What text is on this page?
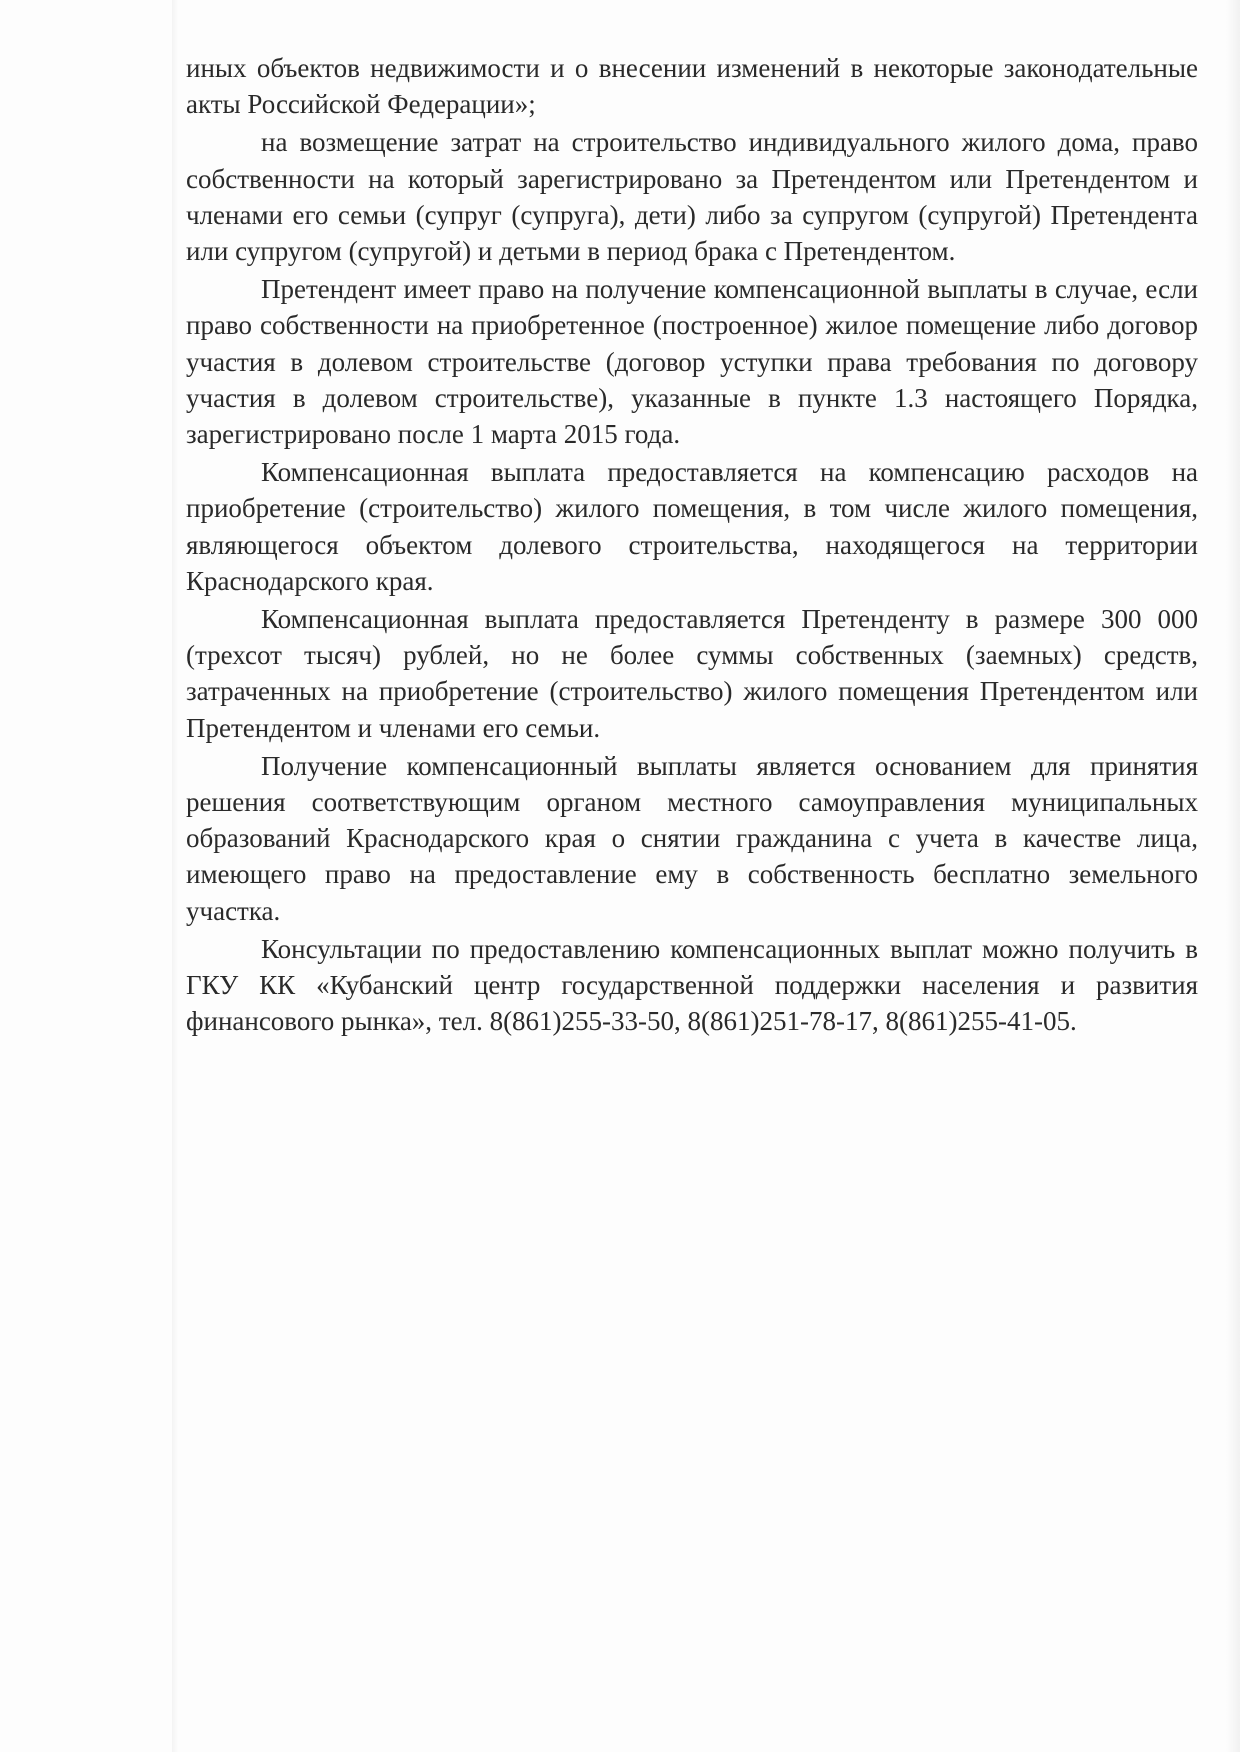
иных объектов недвижимости и о внесении изменений в некоторые законодательные акты Российской Федерации»;

на возмещение затрат на строительство индивидуального жилого дома, право собственности на который зарегистрировано за Претендентом или Претендентом и членами его семьи (супруг (супруга), дети) либо за супругом (супругой) Претендента или супругом (супругой) и детьми в период брака с Претендентом.

Претендент имеет право на получение компенсационной выплаты в случае, если право собственности на приобретенное (построенное) жилое помещение либо договор участия в долевом строительстве (договор уступки права требования по договору участия в долевом строительстве), указанные в пункте 1.3 настоящего Порядка, зарегистрировано после 1 марта 2015 года.

Компенсационная выплата предоставляется на компенсацию расходов на приобретение (строительство) жилого помещения, в том числе жилого помещения, являющегося объектом долевого строительства, находящегося на территории Краснодарского края.

Компенсационная выплата предоставляется Претенденту в размере 300 000 (трехсот тысяч) рублей, но не более суммы собственных (заемных) средств, затраченных на приобретение (строительство) жилого помещения Претендентом или Претендентом и членами его семьи.

Получение компенсационный выплаты является основанием для принятия решения соответствующим органом местного самоуправления муниципальных образований Краснодарского края о снятии гражданина с учета в качестве лица, имеющего право на предоставление ему в собственность бесплатно земельного участка.

Консультации по предоставлению компенсационных выплат можно получить в ГКУ КК «Кубанский центр государственной поддержки населения и развития финансового рынка», тел. 8(861)255-33-50, 8(861)251-78-17, 8(861)255-41-05.
